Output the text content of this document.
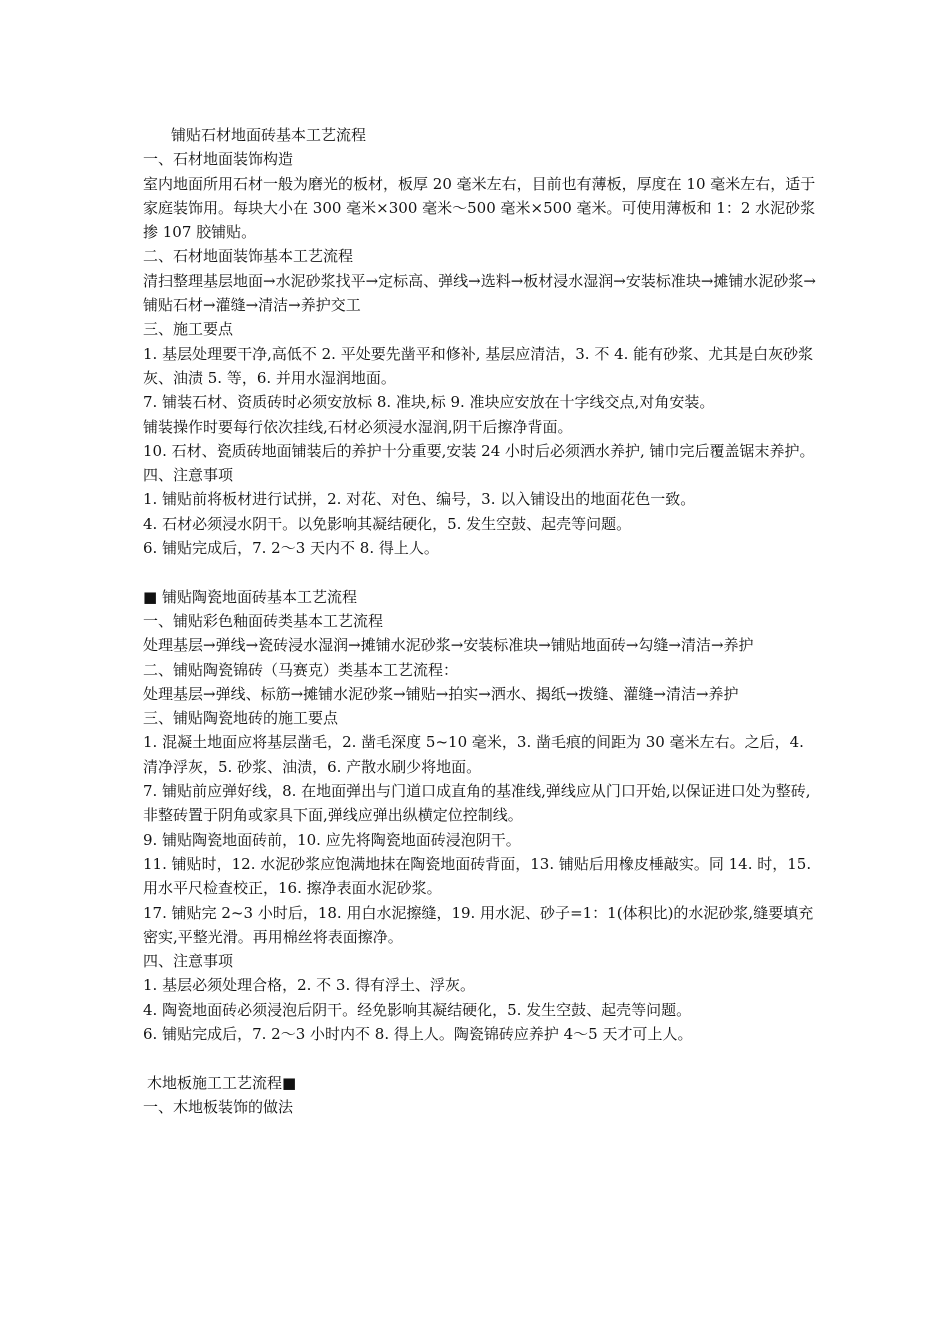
铺贴石材地面砖基本工艺流程

一、石材地面装饰构造

室内地面所用石材一般为磨光的板材，板厚 20 毫米左右，目前也有薄板，厚度在 10 毫米左右，适于家庭装饰用。每块大小在 300 毫米×300 毫米～500 毫米×500 毫米。可使用薄板和 1：2 水泥砂浆掺 107 胶铺贴。

二、石材地面装饰基本工艺流程

清扫整理基层地面→水泥砂浆找平→定标高、弹线→选料→板材浸水湿润→安装标准块→摊铺水泥砂浆→铺贴石材→灌缝→清洁→养护交工

三、施工要点

1. 基层处理要干净,高低不 2. 平处要先凿平和修补, 基层应清洁，3. 不 4. 能有砂浆、尤其是白灰砂浆灰、油渍 5. 等，6. 并用水湿润地面。

7. 铺装石材、资质砖时必须安放标 8. 准块,标 9. 准块应安放在十字线交点,对角安装。

铺装操作时要每行依次挂线,石材必须浸水湿润,阴干后擦净背面。

10. 石材、瓷质砖地面铺装后的养护十分重要,安装 24 小时后必须洒水养护, 铺巾完后覆盖锯末养护。

四、注意事项

1. 铺贴前将板材进行试拼，2. 对花、对色、编号，3. 以入铺设出的地面花色一致。

4. 石材必须浸水阴干。以免影响其凝结硬化，5. 发生空鼓、起壳等问题。

6. 铺贴完成后，7. 2～3 天内不 8. 得上人。

■ 铺贴陶瓷地面砖基本工艺流程

一、铺贴彩色釉面砖类基本工艺流程

处理基层→弹线→瓷砖浸水湿润→摊铺水泥砂浆→安装标准块→铺贴地面砖→勾缝→清洁→养护

二、铺贴陶瓷锦砖（马赛克）类基本工艺流程：

处理基层→弹线、标筋→摊铺水泥砂浆→铺贴→拍实→洒水、揭纸→拨缝、灌缝→清洁→养护

三、铺贴陶瓷地砖的施工要点

1. 混凝土地面应将基层凿毛，2. 凿毛深度 5~10 毫米，3. 凿毛痕的间距为 30 毫米左右。之后，4. 清净浮灰，5. 砂浆、油渍，6. 产散水刷少将地面。

7. 铺贴前应弹好线，8. 在地面弹出与门道口成直角的基准线,弹线应从门口开始,以保证进口处为整砖,非整砖置于阴角或家具下面,弹线应弹出纵横定位控制线。

9. 铺贴陶瓷地面砖前，10. 应先将陶瓷地面砖浸泡阴干。

11. 铺贴时，12. 水泥砂浆应饱满地抹在陶瓷地面砖背面，13. 铺贴后用橡皮棰敲实。同 14. 时，15. 用水平尺检查校正，16. 擦净表面水泥砂浆。

17. 铺贴完 2~3 小时后，18. 用白水泥擦缝，19. 用水泥、砂子=1：1(体积比)的水泥砂浆,缝要填充密实,平整光滑。再用棉丝将表面擦净。

四、注意事项

1. 基层必须处理合格，2. 不 3. 得有浮土、浮灰。

4. 陶瓷地面砖必须浸泡后阴干。经免影响其凝结硬化，5. 发生空鼓、起壳等问题。

6. 铺贴完成后，7. 2～3 小时内不 8. 得上人。陶瓷锦砖应养护 4～5 天才可上人。

木地板施工工艺流程■

一、木地板装饰的做法
